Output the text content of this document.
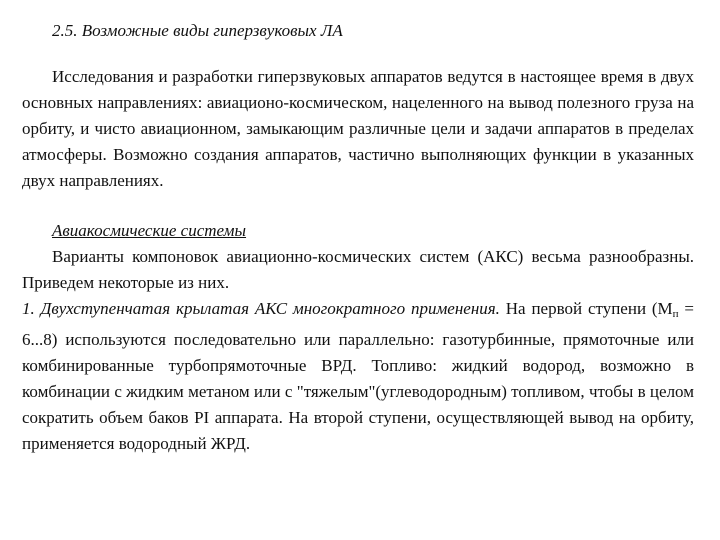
2.5. Возможные виды гиперзвуковых ЛА

Исследования и разработки гиперзвуковых аппаратов ведутся в настоящее время в двух основных направлениях: авиационо-космическом, нацеленного на вывод полезного груза на орбиту, и чисто авиационном, замыкающим различные цели и задачи аппаратов в пределах атмосферы. Возможно создания аппаратов, частично выполняющих функции в указанных двух направлениях.

Авиакосмические системы

Варианты компоновок авиационно-космических систем (АКС) весьма разнообразны. Приведем некоторые из них.

1. Двухступенчатая крылатая АКС многократного применения. На первой ступени $(М_п = 6...8)$ используются последовательно или параллельно: газотурбинные, прямоточные или комбинированные турбопрямоточные ВРД. Топливо: жидкий водород, возможно в комбинации с жидким метаном или с "тяжелым"(углеводородным) топливом, чтобы в целом сократить объем баков PI аппарата. На второй ступени, осуществляющей вывод на орбиту, применяется водородный ЖРД.
